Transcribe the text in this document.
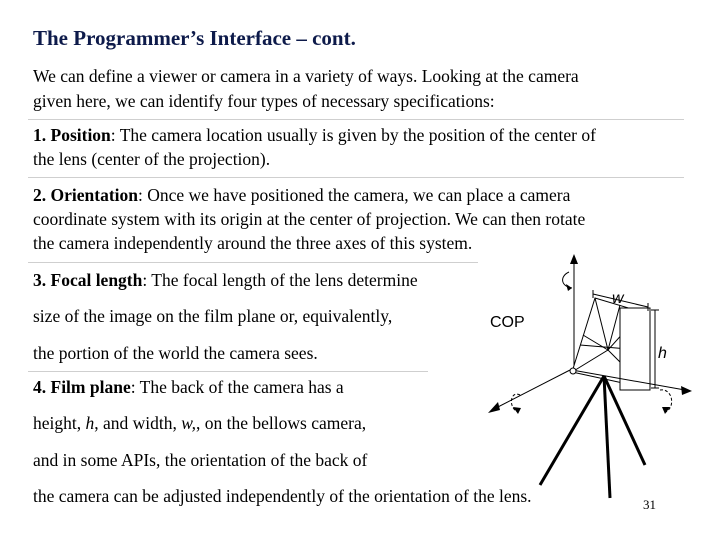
The Programmer’s Interface – cont.
We can define a viewer or camera in a variety of ways. Looking at the camera
given here, we can identify four types of necessary specifications:
1. Position: The camera location usually is given by the position of the center of
the lens (center of the projection).
2. Orientation: Once we have positioned the camera, we can place a camera
coordinate system with its origin at the center of projection. We can then rotate
the camera independently around the three axes of this system.
3. Focal length: The focal length of the lens determine
size of the image on the film plane or, equivalently,
the portion of the world the camera sees.
4. Film plane: The back of the camera has a
height, h, and width, w,, on the bellows camera,
and in some APIs, the orientation of the back of
the camera can be adjusted independently of the orientation of the lens.
COP
w
h
31
